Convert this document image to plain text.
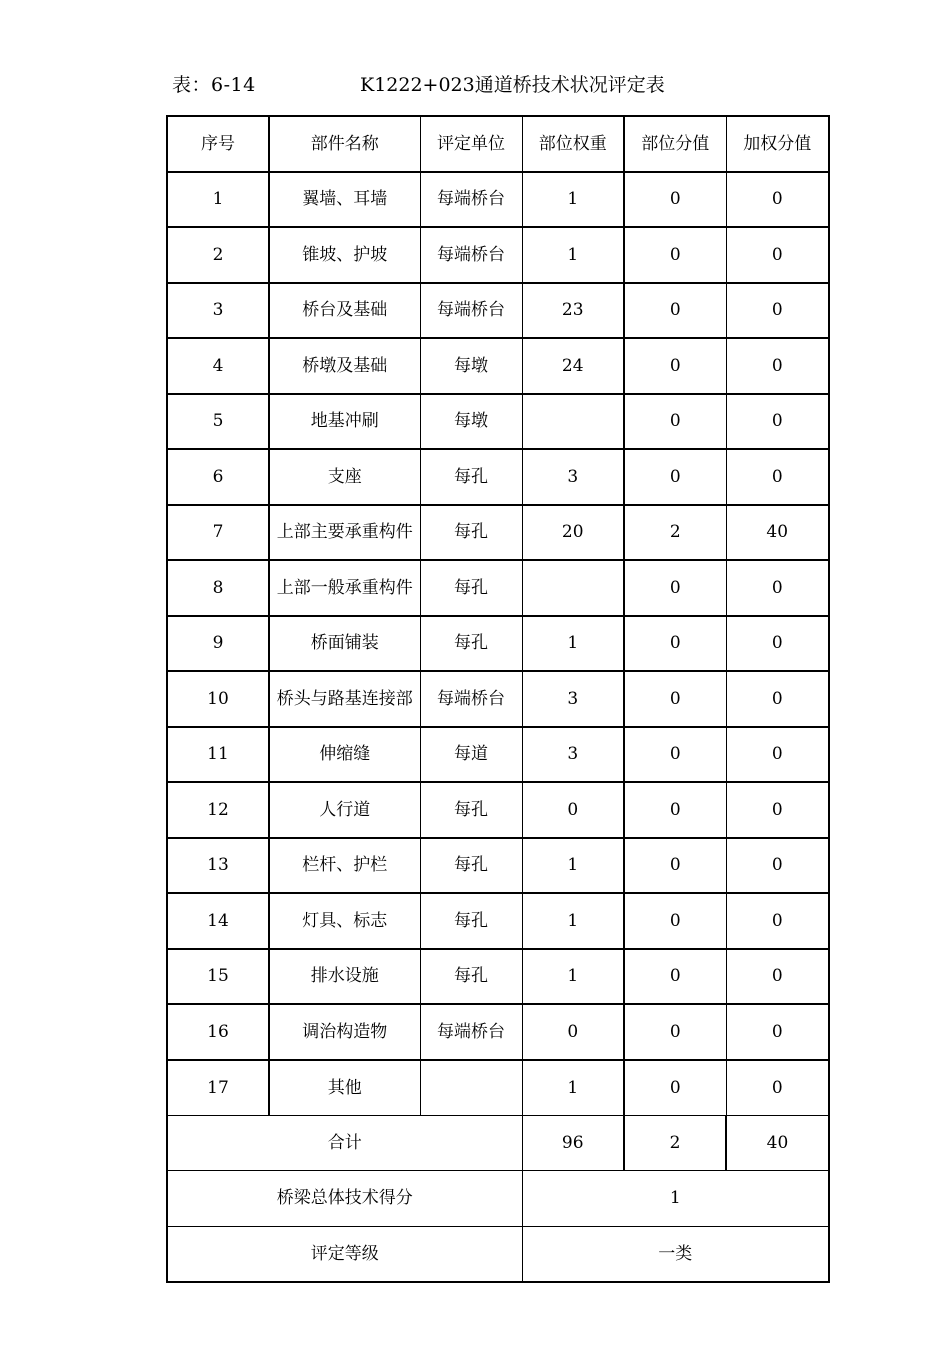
表：6-14	K1222+023通道桥技术状况评定表
序号	部件名称	评定单位	部位权重	部位分值	加权分值
1	翼墙、耳墙	每端桥台	1	0	0
2	锥坡、护坡	每端桥台	1	0	0
3	桥台及基础	每端桥台	23	0	0
4	桥墩及基础	每墩	24	0	0
5	地基冲刷	每墩		0	0
6	支座	每孔	3	0	0
7	上部主要承重构件	每孔	20	2	40
8	上部一般承重构件	每孔		0	0
9	桥面铺装	每孔	1	0	0
10	桥头与路基连接部	每端桥台	3	0	0
11	伸缩缝	每道	3	0	0
12	人行道	每孔	0	0	0
13	栏杆、护栏	每孔	1	0	0
14	灯具、标志	每孔	1	0	0
15	排水设施	每孔	1	0	0
16	调治构造物	每端桥台	0	0	0
17	其他		1	0	0
合计			96	2	40
桥梁总体技术得分			1		
评定等级			一类		
